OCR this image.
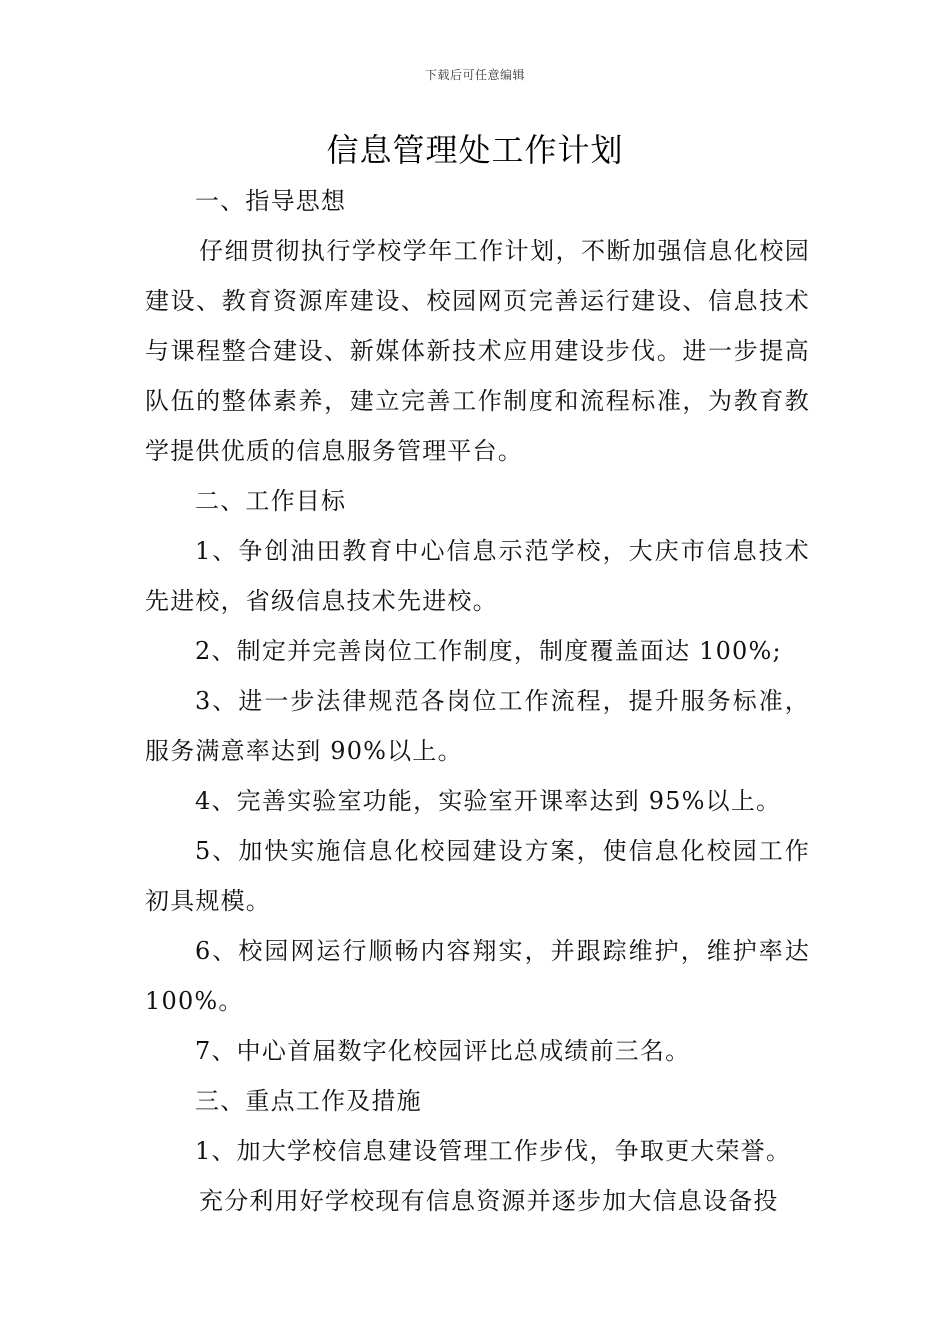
下载后可任意编辑
信息管理处工作计划

一、指导思想

仔细贯彻执行学校学年工作计划，不断加强信息化校园建设、教育资源库建设、校园网页完善运行建设、信息技术与课程整合建设、新媒体新技术应用建设步伐。进一步提高队伍的整体素养，建立完善工作制度和流程标准，为教育教学提供优质的信息服务管理平台。

二、工作目标

1、争创油田教育中心信息示范学校，大庆市信息技术先进校，省级信息技术先进校。

2、制定并完善岗位工作制度，制度覆盖面达 100%;

3、进一步法律规范各岗位工作流程，提升服务标准，服务满意率达到 90%以上。

4、完善实验室功能，实验室开课率达到 95%以上。

5、加快实施信息化校园建设方案，使信息化校园工作初具规模。

6、校园网运行顺畅内容翔实，并跟踪维护，维护率达 100%。

7、中心首届数字化校园评比总成绩前三名。

三、重点工作及措施

1、加大学校信息建设管理工作步伐，争取更大荣誉。

充分利用好学校现有信息资源并逐步加大信息设备投
